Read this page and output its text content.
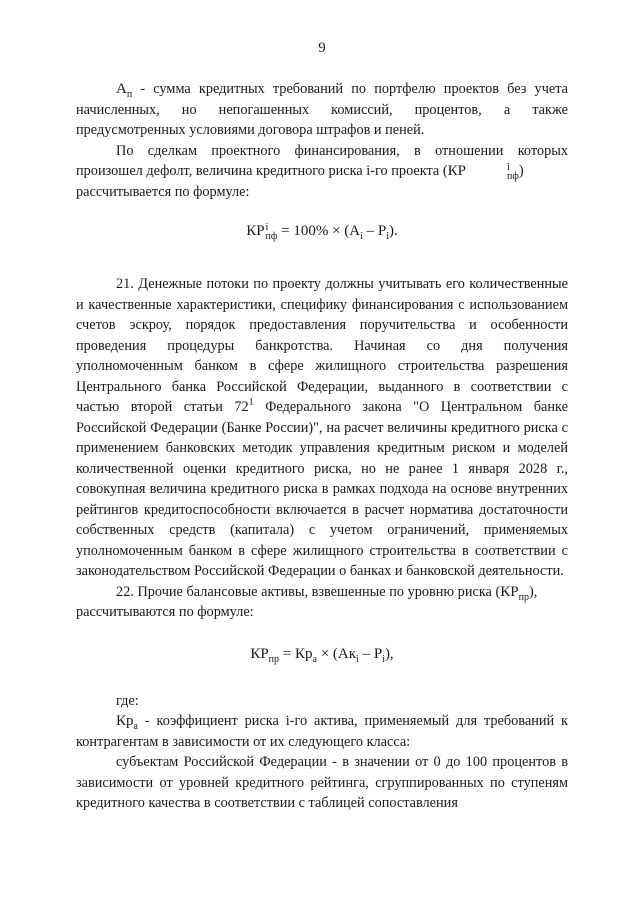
9

$А_п$ - сумма кредитных требований по портфелю проектов без учета начисленных, но непогашенных комиссий, процентов, а также предусмотренных условиями договора штрафов и пеней.

По сделкам проектного финансирования, в отношении которых произошел дефолт, величина кредитного риска i-го проекта (КР	i
пф )

рассчитывается по формуле:

КР i
пф = $100\% \times (А_i - Р_i)$.

21. Денежные потоки по проекту должны учитывать его количественные и качественные характеристики, специфику финансирования с использованием счетов эскроу, порядок предоставления поручительства и особенности проведения процедуры банкротства. Начиная со дня получения уполномоченным банком в сфере жилищного строительства разрешения Центрального банка Российской Федерации, выданного в соответствии с частью второй статьи $72^1$ Федерального закона "О Центральном банке Российской Федерации (Банке России)", на расчет величины кредитного риска с применением банковских методик управления кредитным риском и моделей количественной оценки кредитного риска, но не ранее 1 января 2028 г., совокупная величина кредитного риска в рамках подхода на основе внутренних рейтингов кредитоспособности включается в расчет норматива достаточности собственных средств (капитала) с учетом ограничений, применяемых уполномоченным банком в сфере жилищного строительства в соответствии с законодательством Российской Федерации о банках и банковской деятельности.

22. Прочие балансовые активы, взвешенные по уровню риска $(КР_{пр})$,

рассчитываются по формуле:

$КР_{пр} = Кр_а \times (Ак_i - Р_i)$,

где:

$Кр_а$ - коэффициент риска i-го актива, применяемый для требований к контрагентам в зависимости от их следующего класса:

субъектам Российской Федерации - в значении от 0 до 100 процентов в зависимости от уровней кредитного рейтинга, сгруппированных по ступеням кредитного качества в соответствии с таблицей сопоставления
